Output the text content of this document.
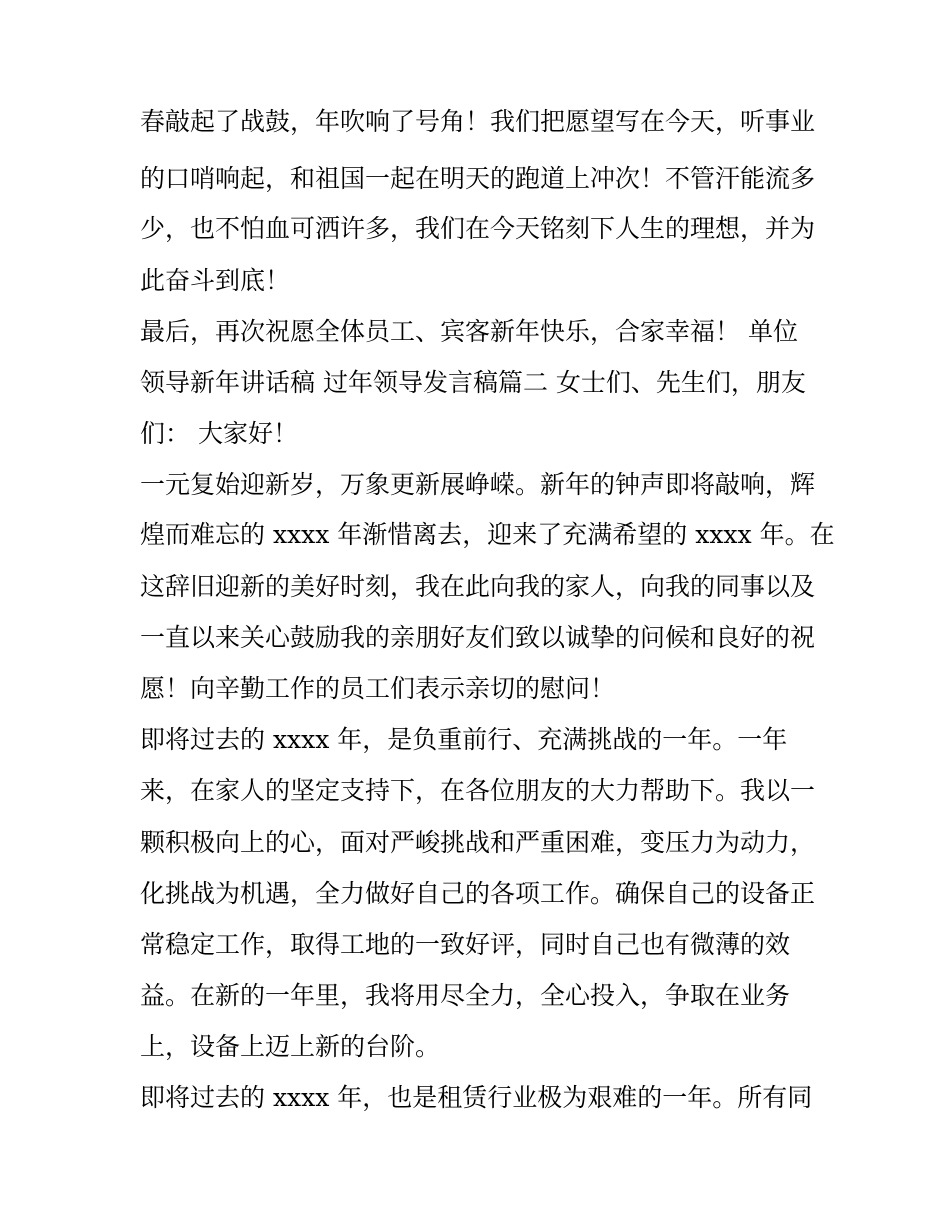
春敲起了战鼓，年吹响了号角！我们把愿望写在今天，听事业
的口哨响起，和祖国一起在明天的跑道上冲次！不管汗能流多
少，也不怕血可洒许多，我们在今天铭刻下人生的理想，并为
此奋斗到底！
最后，再次祝愿全体员工、宾客新年快乐，合家幸福！ 单位
领导新年讲话稿 过年领导发言稿篇二 女士们、先生们，朋友
们： 大家好！
一元复始迎新岁，万象更新展峥嵘。新年的钟声即将敲响，辉
煌而难忘的 xxxx 年渐惜离去，迎来了充满希望的 xxxx 年。在
这辞旧迎新的美好时刻，我在此向我的家人，向我的同事以及
一直以来关心鼓励我的亲朋好友们致以诚挚的问候和良好的祝
愿！向辛勤工作的员工们表示亲切的慰问！
即将过去的 xxxx 年，是负重前行、充满挑战的一年。一年
来，在家人的坚定支持下，在各位朋友的大力帮助下。我以一
颗积极向上的心，面对严峻挑战和严重困难，变压力为动力，
化挑战为机遇，全力做好自己的各项工作。确保自己的设备正
常稳定工作，取得工地的一致好评，同时自己也有微薄的效
益。在新的一年里，我将用尽全力，全心投入，争取在业务
上，设备上迈上新的台阶。
即将过去的 xxxx 年，也是租赁行业极为艰难的一年。所有同
